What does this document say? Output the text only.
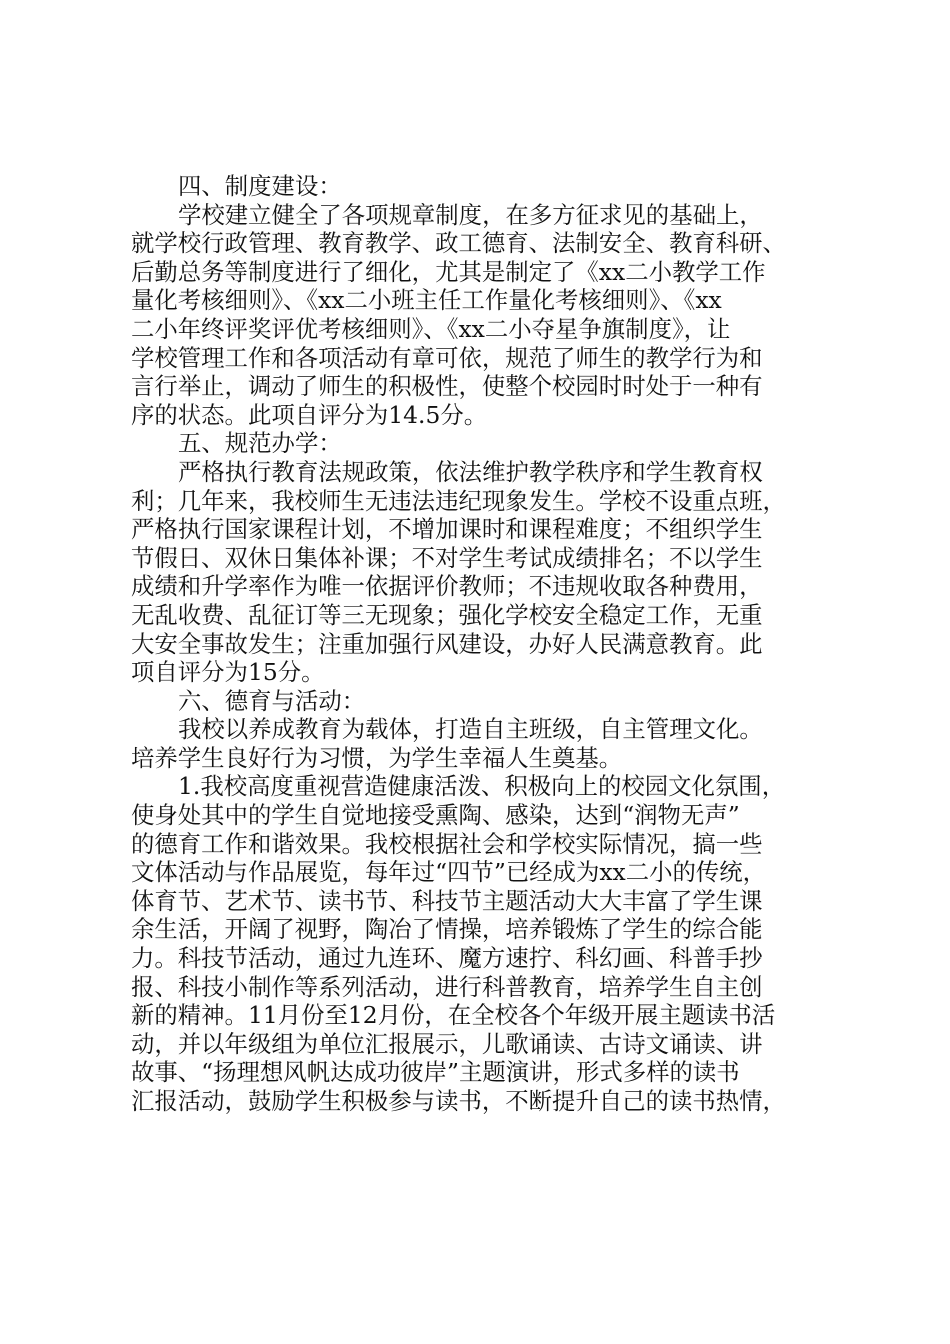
四、制度建设：
学校建立健全了各项规章制度，在多方征求见的基础上，
就学校行政管理、教育教学、政工德育、法制安全、教育科研、
后勤总务等制度进行了细化，尤其是制定了《xx二小教学工作
量化考核细则》、《xx二小班主任工作量化考核细则》、《xx
二小年终评奖评优考核细则》、《xx二小夺星争旗制度》，让
学校管理工作和各项活动有章可依，规范了师生的教学行为和
言行举止，调动了师生的积极性，使整个校园时时处于一种有
序的状态。此项自评分为14.5分。
五、规范办学：
严格执行教育法规政策，依法维护教学秩序和学生教育权
利；几年来，我校师生无违法违纪现象发生。学校不设重点班，
严格执行国家课程计划，不增加课时和课程难度；不组织学生
节假日、双休日集体补课；不对学生考试成绩排名；不以学生
成绩和升学率作为唯一依据评价教师；不违规收取各种费用，
无乱收费、乱征订等三无现象；强化学校安全稳定工作，无重
大安全事故发生；注重加强行风建设，办好人民满意教育。此
项自评分为15分。
六、德育与活动：
我校以养成教育为载体，打造自主班级，自主管理文化。
培养学生良好行为习惯，为学生幸福人生奠基。
1.我校高度重视营造健康活泼、积极向上的校园文化氛围，
使身处其中的学生自觉地接受熏陶、感染，达到“润物无声”
的德育工作和谐效果。我校根据社会和学校实际情况，搞一些
文体活动与作品展览，每年过“四节”已经成为xx二小的传统，
体育节、艺术节、读书节、科技节主题活动大大丰富了学生课
余生活，开阔了视野，陶冶了情操，培养锻炼了学生的综合能
力。科技节活动，通过九连环、魔方速拧、科幻画、科普手抄
报、科技小制作等系列活动，进行科普教育，培养学生自主创
新的精神。11月份至12月份，在全校各个年级开展主题读书活
动，并以年级组为单位汇报展示，儿歌诵读、古诗文诵读、讲
故事、“扬理想风帆达成功彼岸”主题演讲，形式多样的读书
汇报活动，鼓励学生积极参与读书，不断提升自己的读书热情，
